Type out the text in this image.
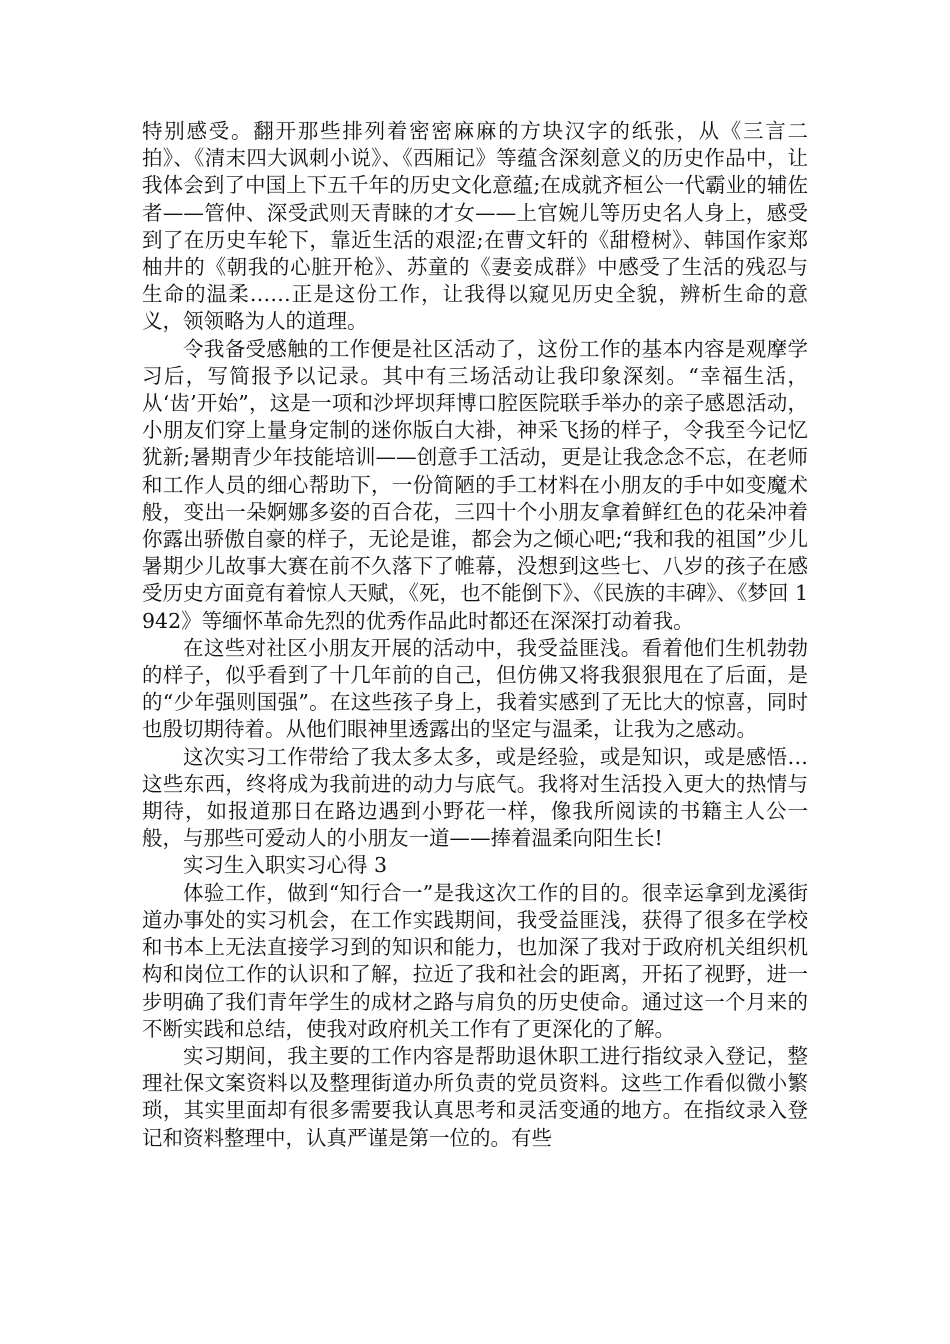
特别感受。翻开那些排列着密密麻麻的方块汉字的纸张，从《三言二拍》、《清末四大讽刺小说》、《西厢记》等蕴含深刻意义的历史作品中，让我体会到了中国上下五千年的历史文化意蕴;在成就齐桓公一代霸业的辅佐者——管仲、深受武则天青睐的才女——上官婉儿等历史名人身上，感受到了在历史车轮下，靠近生活的艰涩;在曹文轩的《甜橙树》、韩国作家郑柚井的《朝我的心脏开枪》、苏童的《妻妾成群》中感受了生活的残忍与生命的温柔……正是这份工作，让我得以窥见历史全貌，辨析生命的意义，领领略为人的道理。

令我备受感触的工作便是社区活动了，这份工作的基本内容是观摩学习后，写简报予以记录。其中有三场活动让我印象深刻。“幸福生活，从‘齿’开始”，这是一项和沙坪坝拜博口腔医院联手举办的亲子感恩活动，小朋友们穿上量身定制的迷你版白大褂，神采飞扬的样子，令我至今记忆犹新;暑期青少年技能培训——创意手工活动，更是让我念念不忘，在老师和工作人员的细心帮助下，一份简陋的手工材料在小朋友的手中如变魔术般，变出一朵婀娜多姿的百合花，三四十个小朋友拿着鲜红色的花朵冲着你露出骄傲自豪的样子，无论是谁，都会为之倾心吧;“我和我的祖国”少儿暑期少儿故事大赛在前不久落下了帷幕，没想到这些七、八岁的孩子在感受历史方面竟有着惊人天赋，《死，也不能倒下》、《民族的丰碑》、《梦回 1942》等缅怀革命先烈的优秀作品此时都还在深深打动着我。

在这些对社区小朋友开展的活动中，我受益匪浅。看着他们生机勃勃的样子，似乎看到了十几年前的自己，但仿佛又将我狠狠甩在了后面，是的“少年强则国强”。在这些孩子身上，我着实感到了无比大的惊喜，同时也殷切期待着。从他们眼神里透露出的坚定与温柔，让我为之感动。

这次实习工作带给了我太多太多，或是经验，或是知识，或是感悟…这些东西，终将成为我前进的动力与底气。我将对生活投入更大的热情与期待，如报道那日在路边遇到小野花一样，像我所阅读的书籍主人公一般，与那些可爱动人的小朋友一道——捧着温柔向阳生长!

实习生入职实习心得 3

体验工作，做到“知行合一”是我这次工作的目的。很幸运拿到龙溪街道办事处的实习机会，在工作实践期间，我受益匪浅，获得了很多在学校和书本上无法直接学习到的知识和能力，也加深了我对于政府机关组织机构和岗位工作的认识和了解，拉近了我和社会的距离，开拓了视野，进一步明确了我们青年学生的成材之路与肩负的历史使命。通过这一个月来的不断实践和总结，使我对政府机关工作有了更深化的了解。

实习期间，我主要的工作内容是帮助退休职工进行指纹录入登记，整理社保文案资料以及整理街道办所负责的党员资料。这些工作看似微小繁琐，其实里面却有很多需要我认真思考和灵活变通的地方。在指纹录入登记和资料整理中，认真严谨是第一位的。有些
